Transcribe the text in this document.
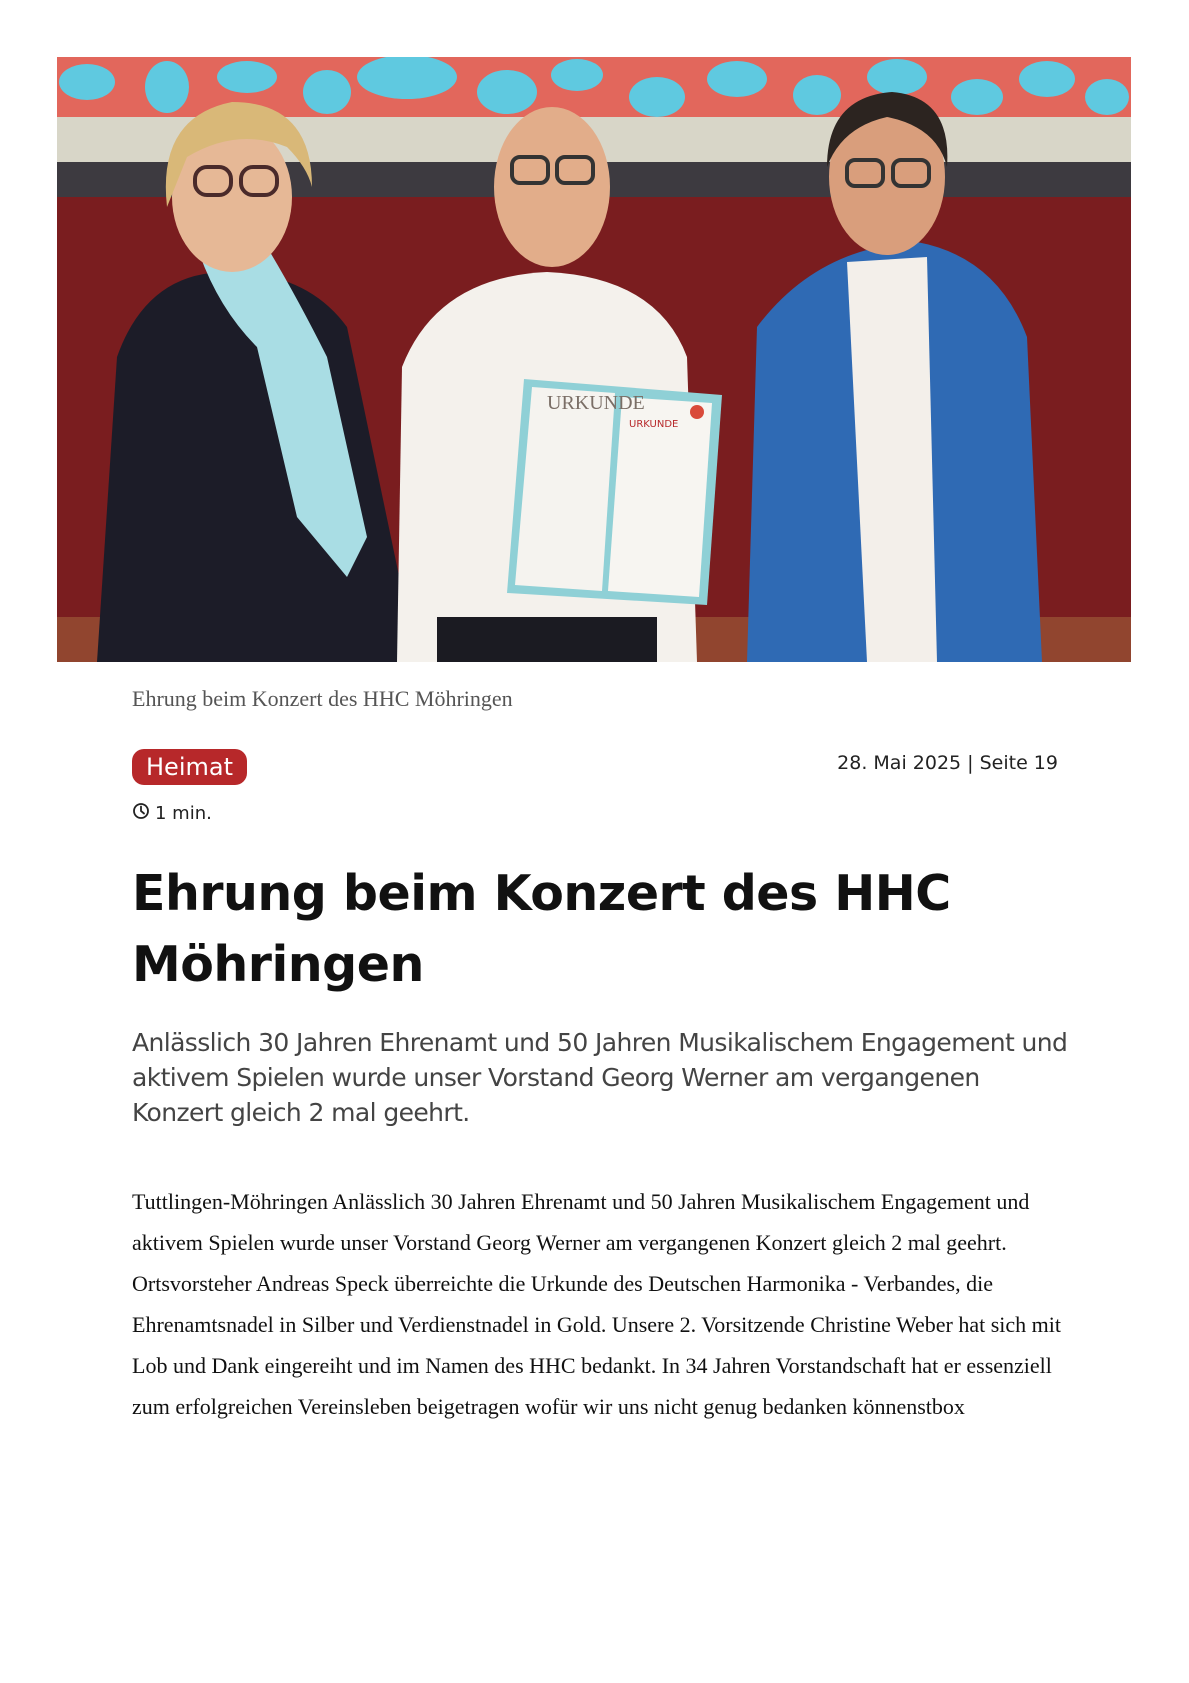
URKUNDE
URKUNDE
Ehrung beim Konzert des HHC Möhringen
Heimat	28. Mai 2025 | Seite 19
1 min.
Ehrung beim Konzert des HHC Möhringen

Anlässlich 30 Jahren Ehrenamt und 50 Jahren Musikalischem Engagement und aktivem Spielen wurde unser Vorstand Georg Werner am vergangenen Konzert gleich 2 mal geehrt.

Tuttlingen-Möhringen Anlässlich 30 Jahren Ehrenamt und 50 Jahren Musikalischem Engagement und aktivem Spielen wurde unser Vorstand Georg Werner am vergangenen Konzert gleich 2 mal geehrt. Ortsvorsteher Andreas Speck überreichte die Urkunde des Deutschen Harmonika - Verbandes, die Ehrenamtsnadel in Silber und Verdienstnadel in Gold. Unsere 2. Vorsitzende Christine Weber hat sich mit Lob und Dank eingereiht und im Namen des HHC bedankt. In 34 Jahren Vorstandschaft hat er essenziell zum erfolgreichen Vereinsleben beigetragen wofür wir uns nicht genug bedanken könnenstbox
